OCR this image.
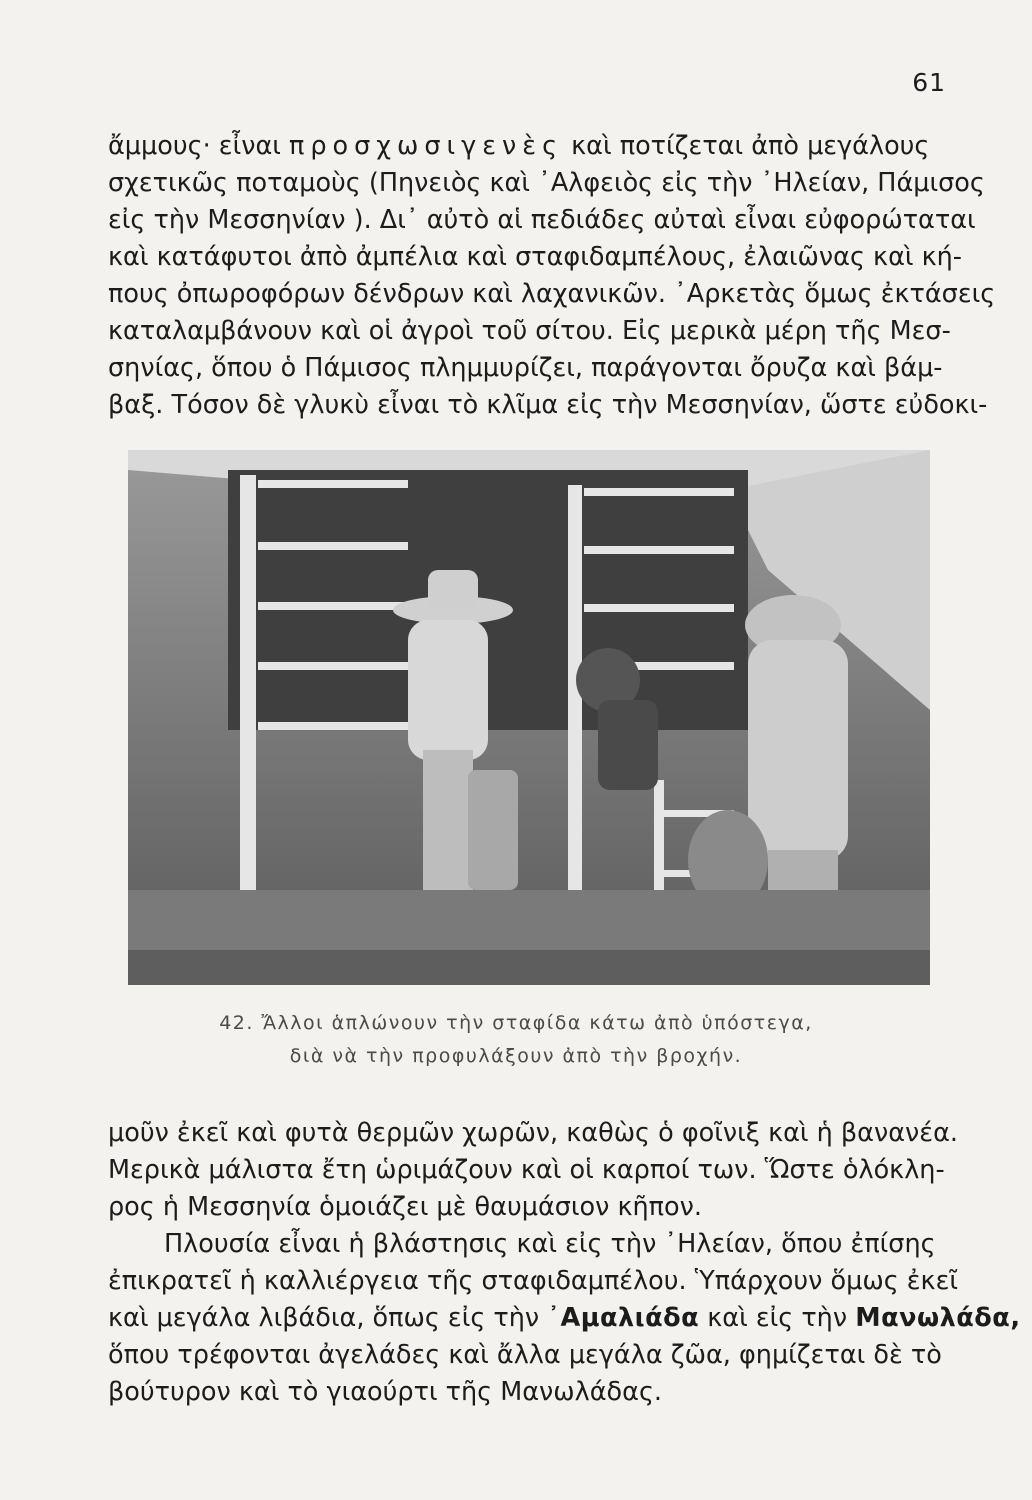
61
ἄμμους· εἶναι προσχωσιγενὲς καὶ ποτίζεται ἀπὸ μεγάλους
σχετικῶς ποταμοὺς (Πηνειὸς καὶ ᾿Αλφειὸς εἰς τὴν ᾿Ηλείαν, Πάμισος
εἰς τὴν Μεσσηνίαν ). Δι᾿ αὐτὸ αἱ πεδιάδες αὐταὶ εἶναι εὐφορώταται
καὶ κατάφυτοι ἀπὸ ἀμπέλια καὶ σταφιδαμπέλους, ἐλαιῶνας καὶ κή-
πους ὀπωροφόρων δένδρων καὶ λαχανικῶν. ᾿Αρκετὰς ὅμως ἐκτάσεις
καταλαμβάνουν καὶ οἱ ἀγροὶ τοῦ σίτου. Εἰς μερικὰ μέρη τῆς Μεσ-
σηνίας, ὅπου ὁ Πάμισος πλημμυρίζει, παράγονται ὄρυζα καὶ βάμ-
βαξ. Τόσον δὲ γλυκὺ εἶναι τὸ κλῖμα εἰς τὴν Μεσσηνίαν, ὥστε εὐδοκι-
42. Ἄλλοι ἁπλώνουν τὴν σταφίδα κάτω ἀπὸ ὑπόστεγα,
διὰ νὰ τὴν προφυλάξουν ἀπὸ τὴν βροχήν.
μοῦν ἐκεῖ καὶ φυτὰ θερμῶν χωρῶν, καθὼς ὁ φοῖνιξ καὶ ἡ βανανέα.
Μερικὰ μάλιστα ἔτη ὡριμάζουν καὶ οἱ καρποί των. Ὥστε ὁλόκλη-
ρος ἡ Μεσσηνία ὁμοιάζει μὲ θαυμάσιον κῆπον.
Πλουσία εἶναι ἡ βλάστησις καὶ εἰς τὴν ᾿Ηλείαν, ὅπου ἐπίσης
ἐπικρατεῖ ἡ καλλιέργεια τῆς σταφιδαμπέλου. Ὑπάρχουν ὅμως ἐκεῖ
καὶ μεγάλα λιβάδια, ὅπως εἰς τὴν ᾿Αμαλιάδα καὶ εἰς τὴν Μανωλάδα,
ὅπου τρέφονται ἀγελάδες καὶ ἄλλα μεγάλα ζῶα, φημίζεται δὲ τὸ
βούτυρον καὶ τὸ γιαούρτι τῆς Μανωλάδας.
